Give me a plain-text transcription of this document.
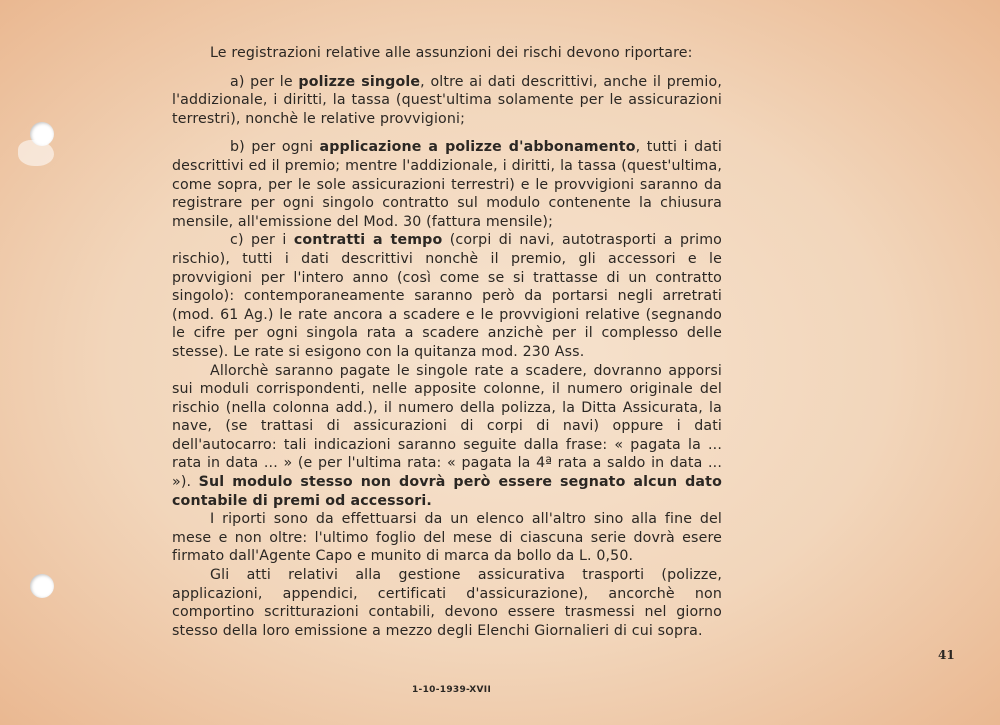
Le registrazioni relative alle assunzioni dei rischi devono riportare:

a) per le polizze singole, oltre ai dati descrittivi, anche il premio, l'addizionale, i diritti, la tassa (quest'ultima solamente per le assicurazioni terrestri), nonchè le relative provvigioni;

b) per ogni applicazione a polizze d'abbonamento, tutti i dati descrittivi ed il premio; mentre l'addizionale, i diritti, la tassa (quest'ultima, come sopra, per le sole assicurazioni terrestri) e le provvigioni saranno da registrare per ogni singolo contratto sul modulo contenente la chiusura mensile, all'emissione del Mod. 30 (fattura mensile);

c) per i contratti a tempo (corpi di navi, autotrasporti a primo rischio), tutti i dati descrittivi nonchè il premio, gli accessori e le provvigioni per l'intero anno (così come se si trattasse di un contratto singolo): contemporaneamente saranno però da portarsi negli arretrati (mod. 61 Ag.) le rate ancora a scadere e le provvigioni relative (segnando le cifre per ogni singola rata a scadere anzichè per il complesso delle stesse). Le rate si esigono con la quitanza mod. 230 Ass.

Allorchè saranno pagate le singole rate a scadere, dovranno apporsi sui moduli corrispondenti, nelle apposite colonne, il numero originale del rischio (nella colonna add.), il numero della polizza, la Ditta Assicurata, la nave, (se trattasi di assicurazioni di corpi di navi) oppure i dati dell'autocarro: tali indicazioni saranno seguite dalla frase: « pagata la ... rata in data ... » (e per l'ultima rata: « pagata la 4ª rata a saldo in data ... »). Sul modulo stesso non dovrà però essere segnato alcun dato contabile di premi od accessori.

I riporti sono da effettuarsi da un elenco all'altro sino alla fine del mese e non oltre: l'ultimo foglio del mese di ciascuna serie dovrà esere firmato dall'Agente Capo e munito di marca da bollo da L. 0,50.

Gli atti relativi alla gestione assicurativa trasporti (polizze, applicazioni, appendici, certificati d'assicurazione), ancorchè non comportino scritturazioni contabili, devono essere trasmessi nel giorno stesso della loro emissione a mezzo degli Elenchi Giornalieri di cui sopra.

41
1-10-1939-XVII
